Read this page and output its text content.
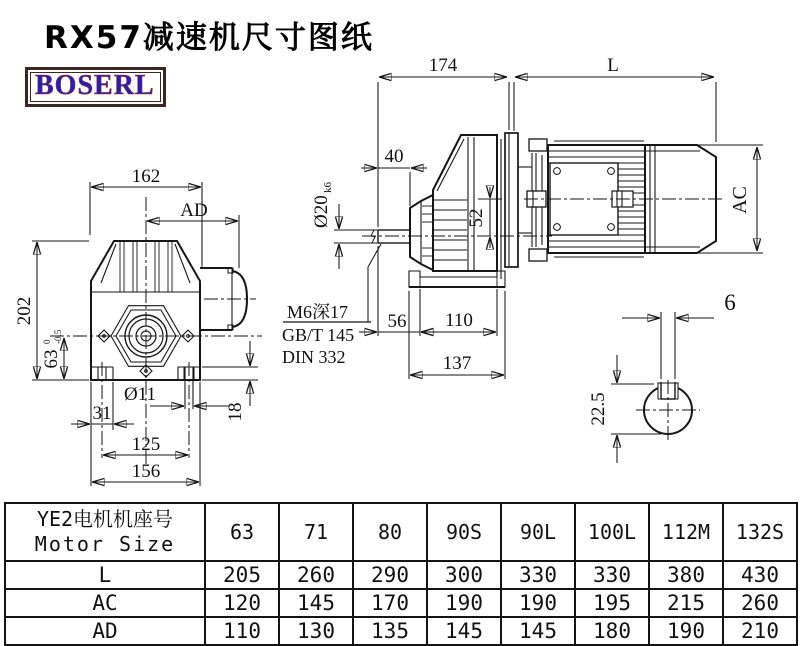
RX57减速机尺寸图纸
BOSERL
162
AD
202
63
0 -0.5
31
Ø11
125
156
18
174	L
40
Ø20
k6
52
AC
M6深17
GB/T 145
DIN 332
56 110
137
6
22.5
YE2电机机座号
Motor Size	63	71	80	90S	90L	100L	112M	132S
L	205	260	290	300	330	330	380	430
AC	120	145	170	190	190	195	215	260
AD	110	130	135	145	145	180	190	210
